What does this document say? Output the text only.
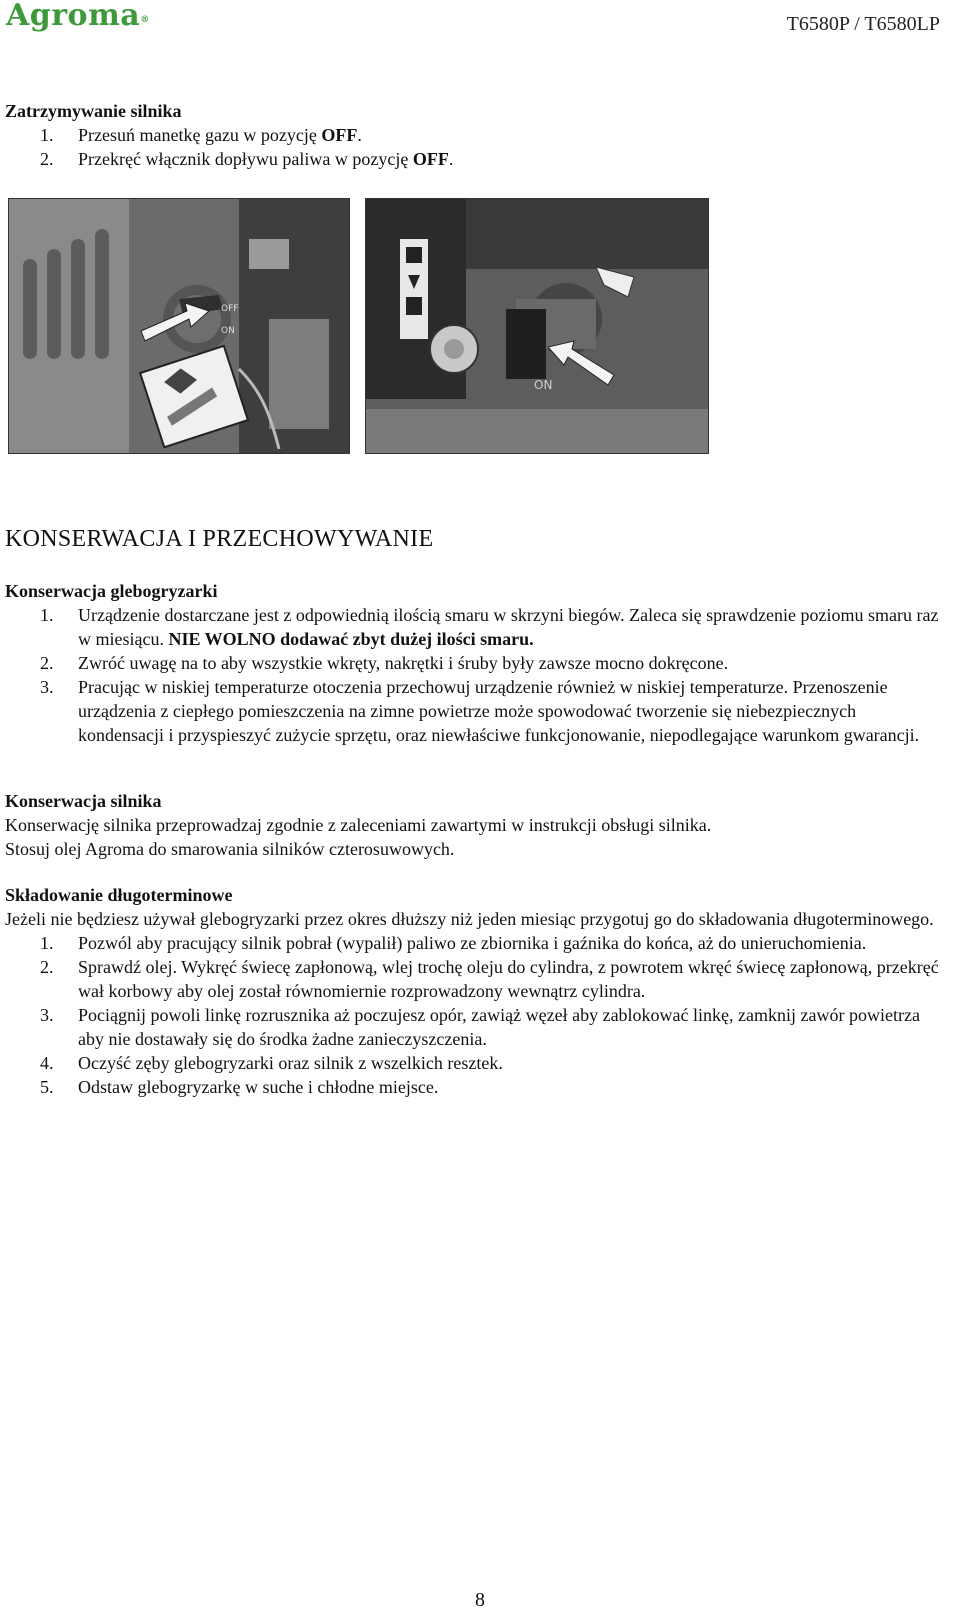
Agroma®	T6580P / T6580LP
Zatrzymywanie silnika
1. Przesuń manetkę gazu w pozycję OFF.
2. Przekręć włącznik dopływu paliwa w pozycję OFF.
OFF
ON
ON
KONSERWACJA I PRZECHOWYWANIE
Konserwacja glebogryzarki
1. Urządzenie dostarczane jest z odpowiednią ilością smaru w skrzyni biegów. Zaleca się sprawdzenie poziomu smaru raz w miesiącu. NIE WOLNO dodawać zbyt dużej ilości smaru.
2. Zwróć uwagę na to aby wszystkie wkręty, nakrętki i śruby były zawsze mocno dokręcone.
3. Pracując w niskiej temperaturze otoczenia przechowuj urządzenie również w niskiej temperaturze. Przenoszenie urządzenia z ciepłego pomieszczenia na zimne powietrze może spowodować tworzenie się niebezpiecznych kondensacji i przyspieszyć zużycie sprzętu, oraz niewłaściwe funkcjonowanie, niepodlegające warunkom gwarancji.
Konserwacja silnika

Konserwację silnika przeprowadzaj zgodnie z zaleceniami zawartymi w instrukcji obsługi silnika.

Stosuj olej Agroma do smarowania silników czterosuwowych.

Składowanie długoterminowe

Jeżeli nie będziesz używał glebogryzarki przez okres dłuższy niż jeden miesiąc przygotuj go do składowania długoterminowego.

1. Pozwól aby pracujący silnik pobrał (wypalił) paliwo ze zbiornika i gaźnika do końca, aż do unieruchomienia.
2. Sprawdź olej. Wykręć świecę zapłonową, wlej trochę oleju do cylindra, z powrotem wkręć świecę zapłonową, przekręć wał korbowy aby olej został równomiernie rozprowadzony wewnątrz cylindra.
3. Pociągnij powoli linkę rozrusznika aż poczujesz opór, zawiąż węzeł aby zablokować linkę, zamknij zawór powietrza aby nie dostawały się do środka żadne zanieczyszczenia.
4. Oczyść zęby glebogryzarki oraz silnik z wszelkich resztek.
5. Odstaw glebogryzarkę w suche i chłodne miejsce.
8
